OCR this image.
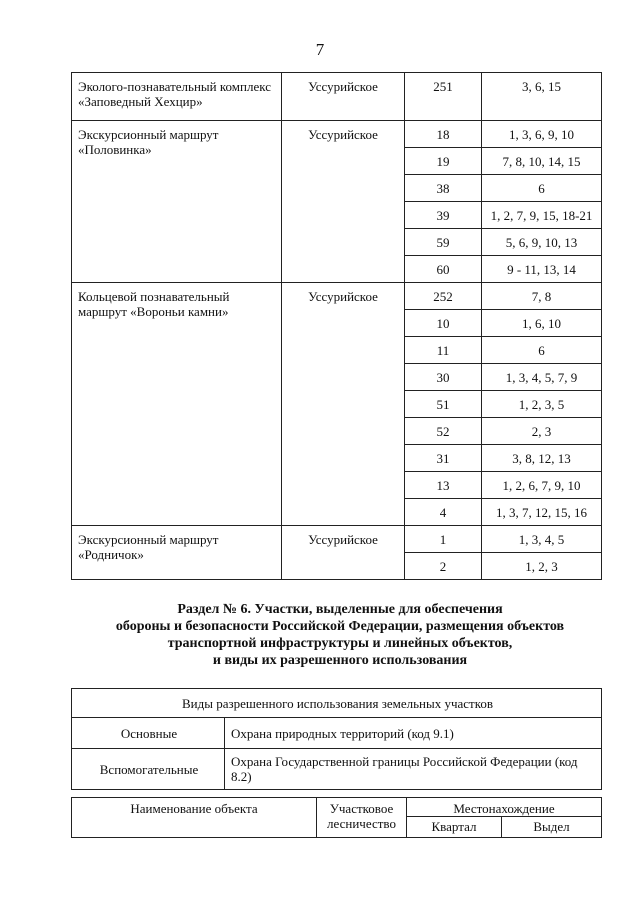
7
Эколого-познавательный комплекс «Заповедный Хехцир»	Уссурийское	251	3, 6, 15
Экскурсионный маршрут «Половинка»	Уссурийское	18	1, 3, 6, 9, 10
		19	7, 8, 10, 14, 15
		38	6
		39	1, 2, 7, 9, 15, 18-21
		59	5, 6, 9, 10, 13
		60	9 - 11, 13, 14
Кольцевой познавательный маршрут «Вороньи камни»	Уссурийское	252	7, 8
		10	1, 6, 10
		11	6
		30	1, 3, 4, 5, 7, 9
		51	1, 2, 3, 5
		52	2, 3
		31	3, 8, 12, 13
		13	1, 2, 6, 7, 9, 10
		4	1, 3, 7, 12, 15, 16
Экскурсионный маршрут «Родничок»	Уссурийское	1	1, 3, 4, 5
		2	1, 2, 3
Раздел № 6. Участки, выделенные для обеспечения
обороны и безопасности Российской Федерации, размещения объектов
транспортной инфраструктуры и линейных объектов,
и виды их разрешенного использования
Виды разрешенного использования земельных участков	
Основные	Охрана природных территорий (код 9.1)
Вспомогательные	Охрана Государственной границы Российской Федерации (код 8.2)
Наименование объекта	Участковое лесничество	Местонахождение	
		Квартал	Выдел
